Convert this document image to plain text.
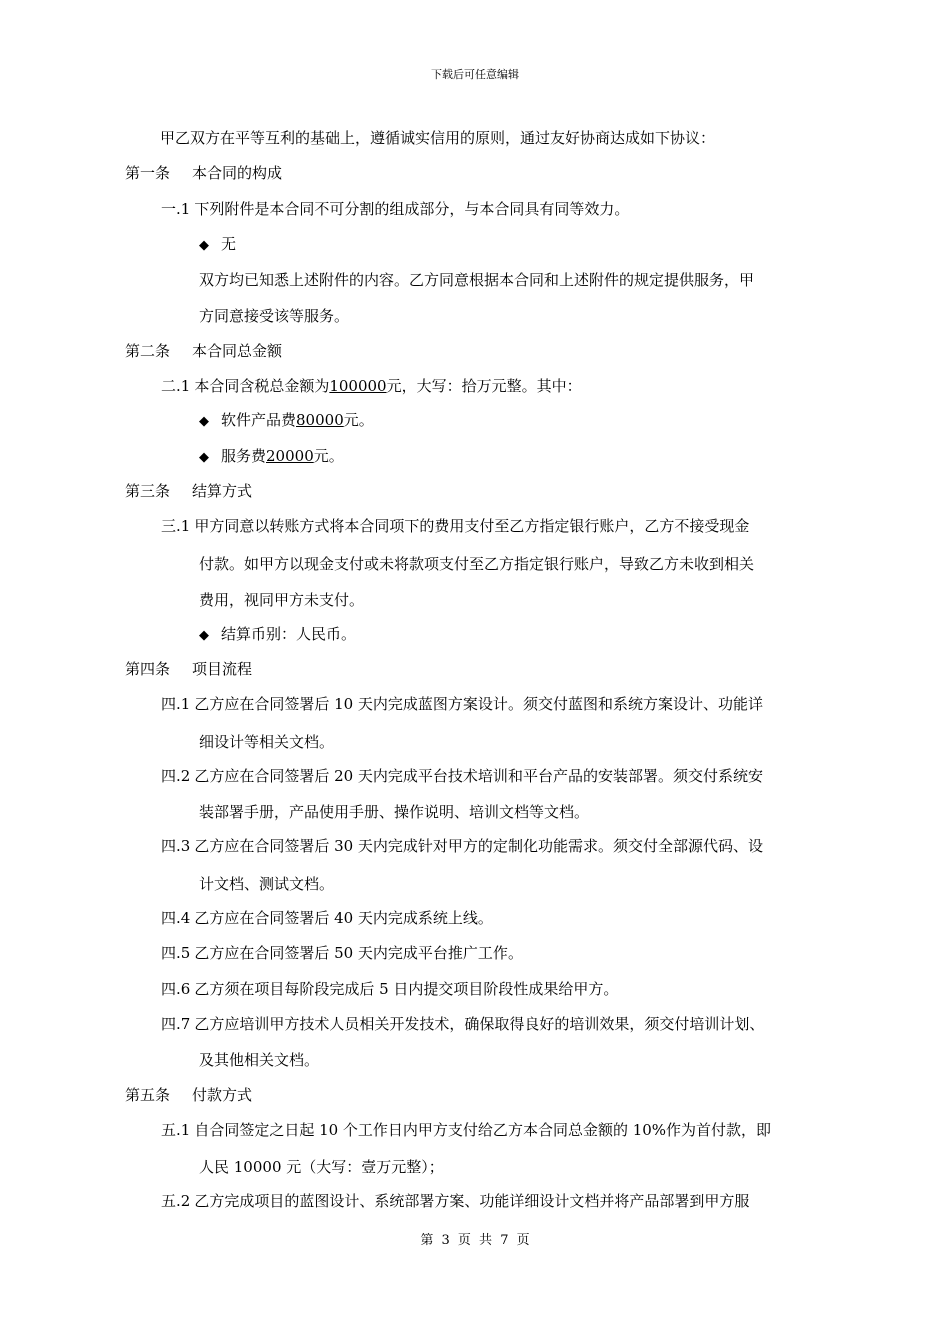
下载后可任意编辑
甲乙双方在平等互利的基础上，遵循诚实信用的原则，通过友好协商达成如下协议：
第一条 本合同的构成
一.1 下列附件是本合同不可分割的组成部分，与本合同具有同等效力。
◆ 无
双方均已知悉上述附件的内容。乙方同意根据本合同和上述附件的规定提供服务，甲
方同意接受该等服务。
第二条 本合同总金额
二.1 本合同含税总金额为100000元，大写：拾万元整。其中：
◆ 软件产品费80000元。
◆ 服务费20000元。
第三条 结算方式
三.1 甲方同意以转账方式将本合同项下的费用支付至乙方指定银行账户，乙方不接受现金
付款。如甲方以现金支付或未将款项支付至乙方指定银行账户，导致乙方未收到相关
费用，视同甲方未支付。
◆ 结算币别：人民币。
第四条 项目流程
四.1 乙方应在合同签署后 10 天内完成蓝图方案设计。须交付蓝图和系统方案设计、功能详
细设计等相关文档。
四.2 乙方应在合同签署后 20 天内完成平台技术培训和平台产品的安装部署。须交付系统安
装部署手册，产品使用手册、操作说明、培训文档等文档。
四.3 乙方应在合同签署后 30 天内完成针对甲方的定制化功能需求。须交付全部源代码、设
计文档、测试文档。
四.4 乙方应在合同签署后 40 天内完成系统上线。
四.5 乙方应在合同签署后 50 天内完成平台推广工作。
四.6 乙方须在项目每阶段完成后 5 日内提交项目阶段性成果给甲方。
四.7 乙方应培训甲方技术人员相关开发技术，确保取得良好的培训效果，须交付培训计划、
及其他相关文档。
第五条 付款方式
五.1 自合同签定之日起 10 个工作日内甲方支付给乙方本合同总金额的 10%作为首付款，即
人民 10000 元（大写：壹万元整）；
五.2 乙方完成项目的蓝图设计、系统部署方案、功能详细设计文档并将产品部署到甲方服
第 3 页 共 7 页
